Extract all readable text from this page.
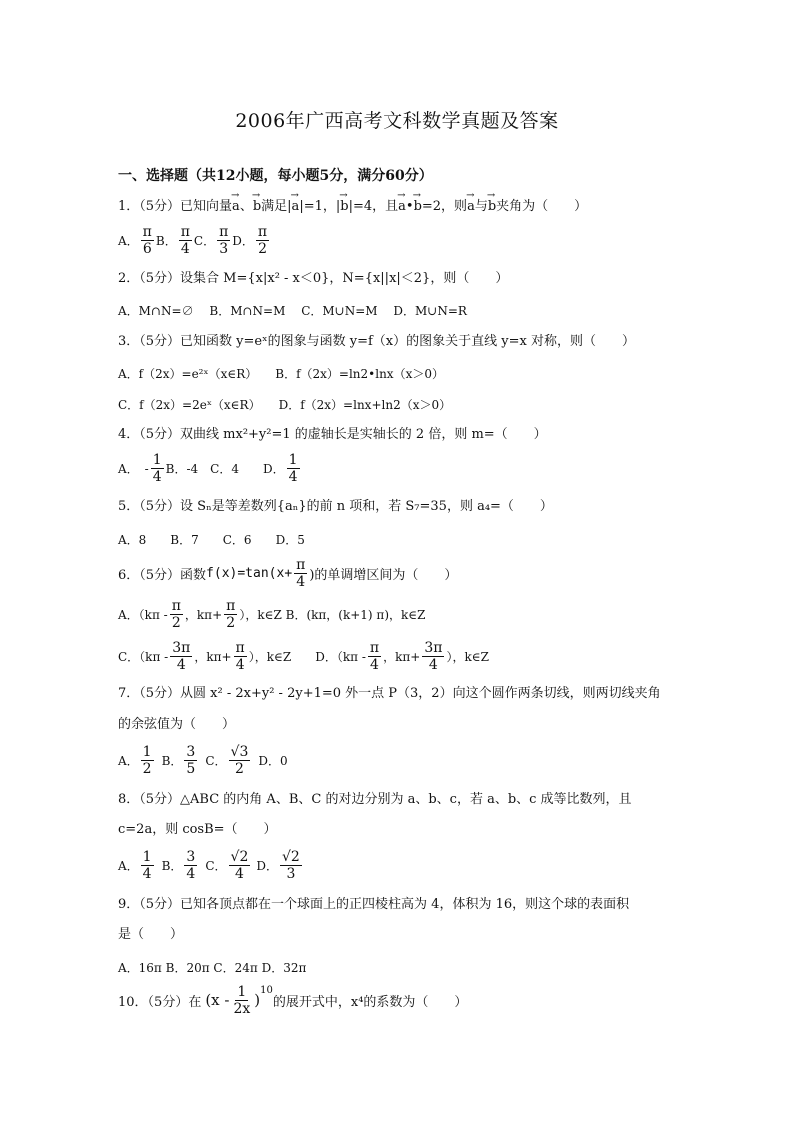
2006年广西高考文科数学真题及答案
一、选择题（共12小题，每小题5分，满分60分）
1．（5分）已知向量→ a、→ b满足|→ a|=1，|→ b|=4，且→ a•→ b=2，则→ a与→ b夹角为（　　）
A． $\frac{\pi}{6}$ B． $\frac{\pi}{4}$ C． $\frac{\pi}{3}$ D． $\frac{\pi}{2}$
2．（5分）设集合 M={x|x² - x＜0}，N={x||x|＜2}，则（　　）
A．M∩N=∅　 B．M∩N=M　 C．M∪N=M　 D．M∪N=R
3．（5分）已知函数 y=eˣ的图象与函数 y=f（x）的图象关于直线 y=x 对称，则（　　）
A．f（2x）=e²ˣ（x∈R）　　B．f（2x）=ln2•lnx（x＞0）
C．f（2x）=2eˣ（x∈R）　　D．f（2x）=lnx+ln2（x＞0）
4．（5分）双曲线 mx²+y²=1 的虚轴长是实轴长的 2 倍，则 m=（　　）
A．　- $\frac{1}{4}$ B．-4　C．4　　D． $\frac{1}{4}$
5．（5分）设 Sₙ是等差数列{aₙ}的前 n 项和，若 S₇=35，则 a₄=（　　）
A．8　　B．7　　C．6　　D．5
6．（5分）函数 $f(x)=\tan(x+ \frac{\pi}{4}$ )的单调增区间为（　　）
A．（$k\pi - \frac{\pi}{2}$ ，$k\pi+ \frac{\pi}{2}$ ），k∈Z B．(kπ，(k+1) π)，k∈Z
C．（$k\pi - \frac{3\pi}{4}$ ，$k\pi+ \frac{\pi}{4}$ ），k∈Z　　D．（$k\pi - \frac{\pi}{4}$ ，$k\pi+ \frac{3\pi}{4}$ ），k∈Z
7．（5分）从圆 x² - 2x+y² - 2y+1=0 外一点 P（3，2）向这个圆作两条切线，则两切线夹角
的余弦值为（　　）
A． $\frac{1}{2}$ B． $\frac{3}{5}$ C． $\frac{√3}{2}$ D．0
8．（5分）△ABC 的内角 A、B、C 的对边分别为 a、b、c，若 a、b、c 成等比数列，且
c=2a，则 cosB=（　　）
A． $\frac{1}{4}$ B． $\frac{3}{4}$ C． $\frac{√2}{4}$ D． $\frac{√2}{3}$
9．（5分）已知各顶点都在一个球面上的正四棱柱高为 4，体积为 16，则这个球的表面积
是（　　）
A．16π B．20π C．24π D．32π
10．（5分）在 ($x - \frac{1}{2x}$ )
$^{10}$
的展开式中，x⁴的系数为（　　）
